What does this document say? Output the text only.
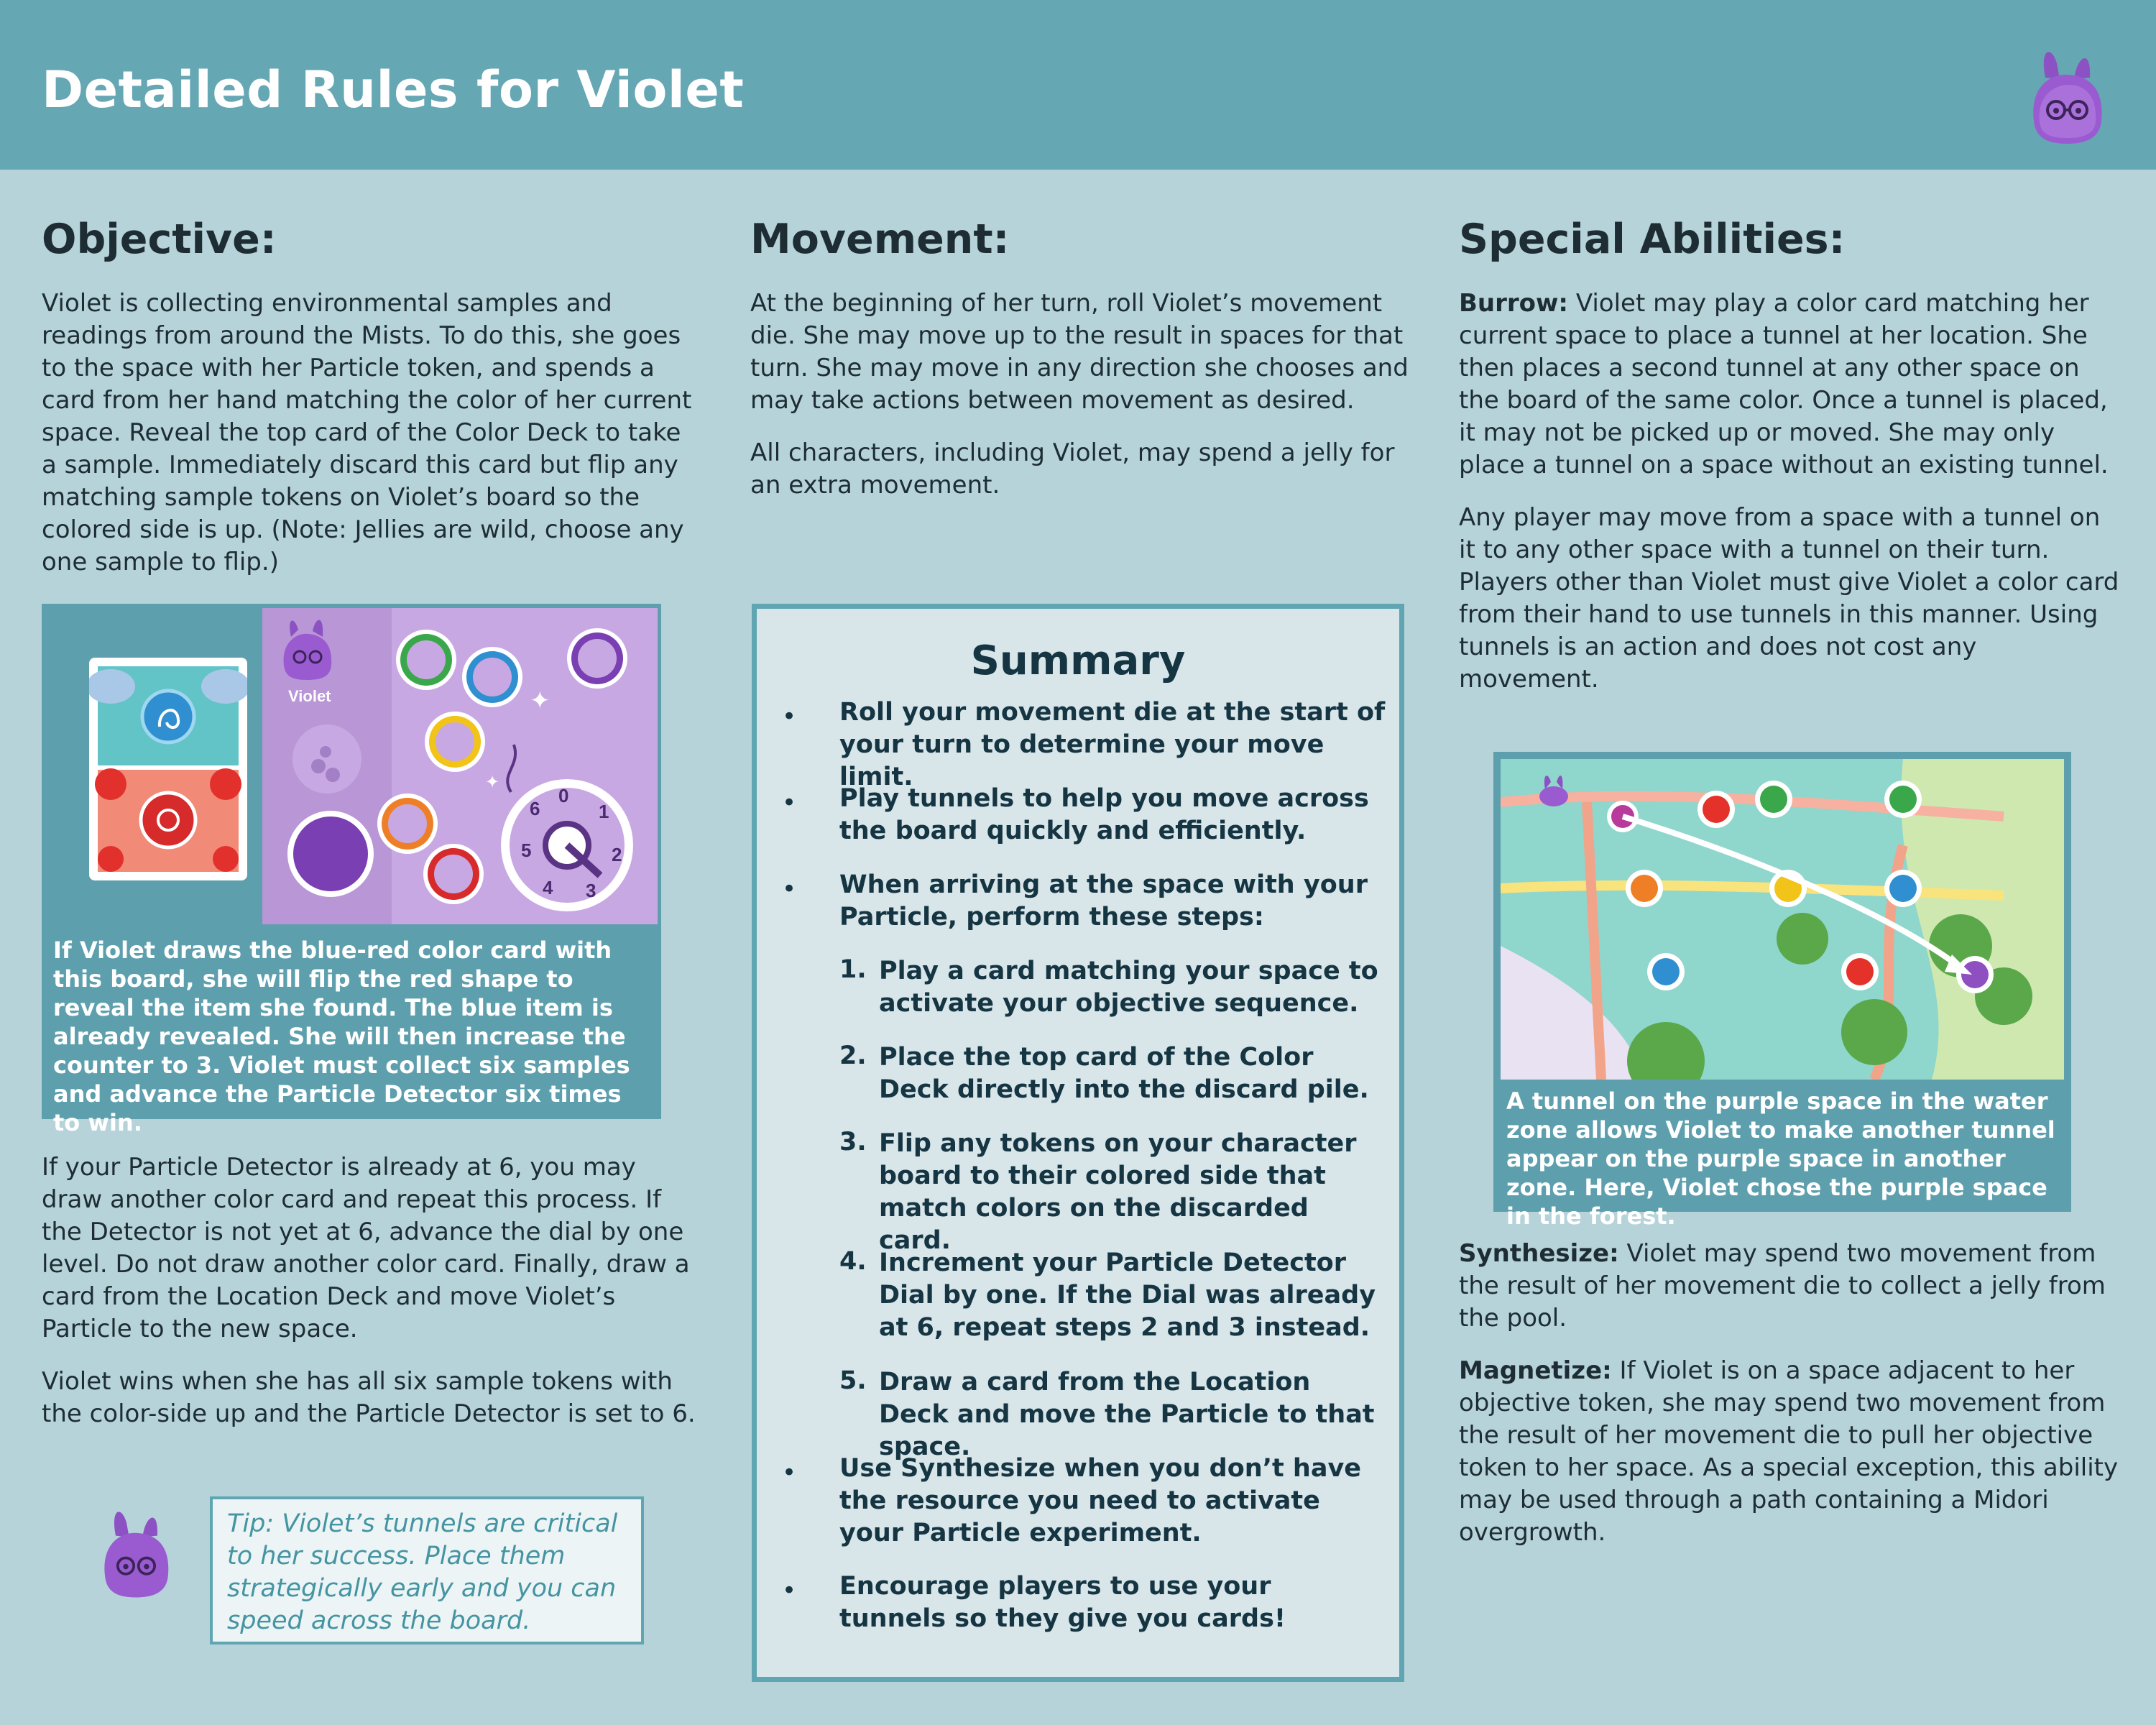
Detailed Rules for Violet
Objective:

Violet is collecting environmental samples and readings from around the Mists. To do this, she goes to the space with her Particle token, and spends a card from her hand matching the color of her current space. Reveal the top card of the Color Deck to take a sample. Immediately discard this card but flip any matching sample tokens on Violet’s board so the colored side is up. (Note: Jellies are wild, choose any one sample to flip.)

Violet
0
1
2
3
4
5
6
✦
✦
If Violet draws the blue-red color card with this board, she will flip the red shape to reveal the item she found. The blue item is already revealed. She will then increase the counter to 3. Violet must collect six samples and advance the Particle Detector six times to win.

If your Particle Detector is already at 6, you may draw another color card and repeat this process. If the Detector is not yet at 6, advance the dial by one level. Do not draw another color card. Finally, draw a card from the Location Deck and move Violet’s Particle to the new space.

Violet wins when she has all six sample tokens with the color-side up and the Particle Detector is set to 6.

Tip: Violet’s tunnels are critical to her success. Place them strategically early and you can speed across the board.
Movement:

At the beginning of her turn, roll Violet’s movement die. She may move up to the result in spaces for that turn. She may move in any direction she chooses and may take actions between movement as desired.

All characters, including Violet, may spend a jelly for an extra movement.

Summary
• Roll your movement die at the start of your turn to determine your move limit.
• Play tunnels to help you move across the board quickly and efficiently.
• When arriving at the space with your Particle, perform these steps:
1. Play a card matching your space to activate your objective sequence.
2. Place the top card of the Color Deck directly into the discard pile.
3. Flip any tokens on your character board to their colored side that match colors on the discarded card.
4. Increment your Particle Detector Dial by one. If the Dial was already at 6, repeat steps 2 and 3 instead.
5. Draw a card from the Location Deck and move the Particle to that space.
• Use Synthesize when you don’t have the resource you need to activate your Particle experiment.
• Encourage players to use your tunnels so they give you cards!
Special Abilities:

Burrow: Violet may play a color card matching her current space to place a tunnel at her location. She then places a second tunnel at any other space on the board of the same color. Once a tunnel is placed, it may not be picked up or moved. She may only place a tunnel on a space without an existing tunnel.

Any player may move from a space with a tunnel on it to any other space with a tunnel on their turn. Players other than Violet must give Violet a color card from their hand to use tunnels in this manner. Using tunnels is an action and does not cost any movement.

A tunnel on the purple space in the water zone allows Violet to make another tunnel appear on the purple space in another zone. Here, Violet chose the purple space in the forest.

Synthesize: Violet may spend two movement from the result of her movement die to collect a jelly from the pool.

Magnetize: If Violet is on a space adjacent to her objective token, she may spend two movement from the result of her movement die to pull her objective token to her space. As a special exception, this ability may be used through a path containing a Midori overgrowth.
